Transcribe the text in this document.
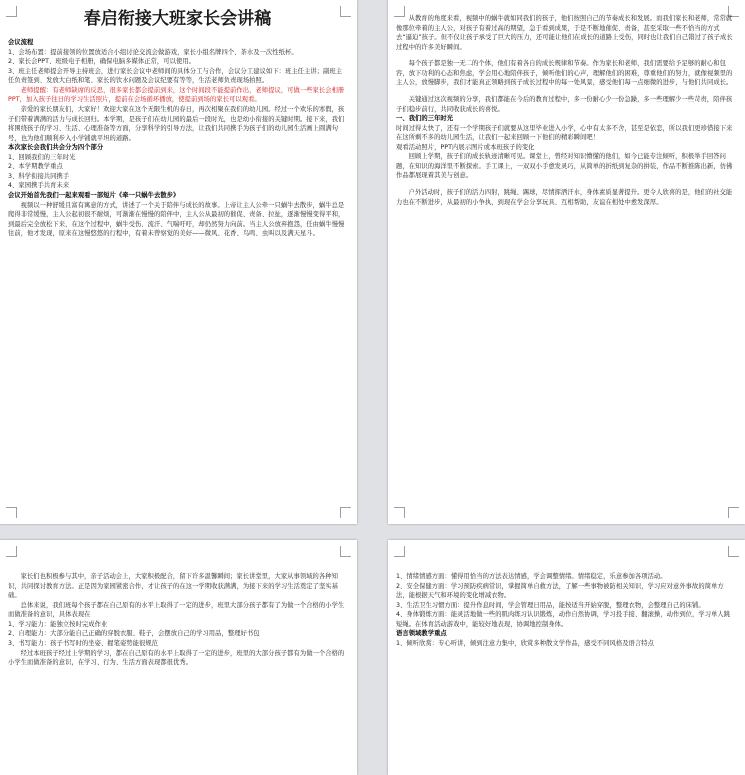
春启衔接大班家长会讲稿

会议流程

1、会场布置：提前接领的位置放适合小组讨论交流会做游戏，家长小组名牌四个、茶水及一次性纸杯。

2、家长会PPT、班级电子相册，确保电脑多媒体正常，可以使用。

3、班主任老师提会开导主持班会，进行家长会议中老师间的具体分工与合作，会议分工建议如下：班主任主讲；副班主任负责签到、发放大白纸和笔、家长的饮水问题及会议纪要有等等，生活老师负责现场拍照。

老师提醒：有老师缺席的反思，很多家长都会提前到来，这个时间段不能提前作出，老师提议，可做一些家长会相册PPT，加入孩子往日的学习生活照片，提前在会场循环播放，使提前到场的家长可以观看。

亲爱的家长朋友们，大家好！欢迎大家在这个无限生机的春日，再次相聚在我们的幼儿园。经过一个欢乐的寒假，孩子们带着满满的活力与成长回归。本学期，是孩子们在幼儿园的最后一段时光，也是幼小衔接的关键时期。接下来，我们将围绕孩子的学习、生活、心理准备等方面，分享科学的引导方法，让我们共同携手为孩子们的幼儿园生活画上圆满句号，也为他们顺利步入小学铺就平坦的道路。

本次家长会我们共会分为四个部分

1、回顾我们的三年时光

2、本学期教学重点

3、科学衔接共同携手

4、家园携手共育未来

会议开始首先我们一起来观看一部短片《牵一只蜗牛去散步》

视频以一种舒缓且富有寓意的方式，讲述了一个关于陪伴与成长的故事。上帝让主人公牵一只蜗牛去散步，蜗牛总是爬得非常缓慢，主人公起初很不耐烦，可渐渐在慢慢的陪伴中，主人公从最初的催促、责备、拉扯，逐渐慢慢变得平和，到最后完全放松下来，在这个过程中，蜗牛受伤、流汗、气喘吁吁，却仍然努力向前。当主人公放弃抱怨，任由蜗牛慢慢往前，他才发现，原来在这慢悠悠的行程中，有着未曾察觉的美好——微风、花香、鸟鸣、虫叫以及满天星斗。

从教育的角度来看，视频中的蜗牛就如同我们的孩子，他们按照自己的节奏成长和发展。而我们家长和老师，常常就像那位牵着的主人公，对孩子有着过高的期望，急于看到成果，于是不断地催促、责备，甚至采取一些不恰当的方式去“逼迫”孩子。但不仅让孩子承受了巨大的压力，还可能让他们在成长的道路上受伤，同时也让我们自己错过了孩子成长过程中的许多美好瞬间。

每个孩子都是独一无二的个体，他们有着各自的成长规律和节奏。作为家长和老师，我们需要给予足够的耐心和包容，放下功利的心态和焦虑，学会用心地陪伴孩子，倾听他们的心声，理解他们的困难，尊重他们的努力，就像视频里的主人公，放慢脚步，我们才能真正领略到孩子成长过程中的每一处风景，感受他们每一点细微的进步，与他们共同成长。

关键通过这次视频的分享，我们都能在今后的教育过程中，多一份耐心少一份急躁，多一些理解少一些苛责，陪伴孩子们稳步前行，共同收获成长的喜悦。

一、我们的三年时光

时间过得太快了，还有一个学期孩子们就要从这里毕业进入小学，心中有太多不舍，甚至是依恋，所以我们更珍惜接下来在这所剩不多的幼儿园生活，让我们一起来回顾一下他们的精彩瞬间吧！

观看活动照片，PPT内展示图片或本班孩子的变化

回顾上学期，孩子们的成长轨迹清晰可见。课堂上，曾经对知识懵懂的他们，如今已能专注倾听，积极举手回答问题，在知识的海洋里不断探索。手工课上，一双双小手愈发灵巧，从简单的折纸到复杂的拼装，作品不断推陈出新，仿佛作品都展现着其美与创意。

户外活动时，孩子们的活力四射，跳绳、踢球，尽情挥洒汗水，身体素质显著提升。更令人欣喜的是，他们的社交能力也在不断进步，从最初的小争执，到现在学会分享玩具、互相帮助，友谊在相处中愈发深厚。

家长们也积极参与其中，亲子活动会上，大家积极配合，留下许多温馨瞬间；家长讲堂里，大家从事领域的各种知识，共同探讨教育方法。正是因为家园紧密合作，才让孩子的在这一学期收获满满，为接下来的学习生活奠定了坚实基础。

总体来说，我们班每个孩子都在自己原有的水平上取得了一定的进步，班里大部分孩子都有了为做一个合格的小学生而做准备的意识，具体表现在

1、学习能力：能独立按时完成作业

2、自理能力：大部分能自己正确的穿脱衣服、鞋子，会摆放自己的学习用品，整理好书包

3、书写能力：孩子书写时的坐姿、握笔姿势能很规范

经过本班孩子经过上学期的学习，都在自己原有的水平上取得了一定的进步，班里的大部分孩子都有为做一个合格的小学生而做准备的意识，在学习、行为、生活方面表现都很优秀。

1、情绪情感方面：懂得用恰当的方法表达情感，学会调整情绪。情绪稳定，乐意参加各项活动。

2、安全保健方面：学习预防疾病常识，掌握简单自救方法，了解一些事物被防相关知识，学习应对意外事故的简单方法，能根据天气和环境的变化增减衣物。

3、生活卫生习惯方面：提升作息时间，学会管理日用品，能按适当开始穿脱，整理衣物，会整理自己的床铺。

4、身体锻炼方面：能灵活地做一些的肌肉练习认识锻炼，动作自然协调，学习投手接、翻滚操，动作到位，学习单人跳短绳。在体育活动游戏中，能较好地表现，协调地控制身体。

语言领域教学重点

1、倾听欣赏：专心听讲，倾到注意力集中，欣赏多种散文学作品，感受不同风格及语言特点
